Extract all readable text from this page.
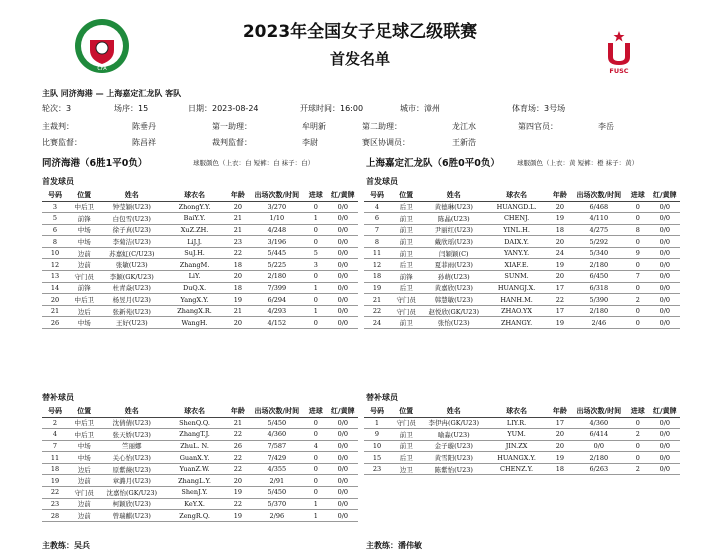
CFA	FUSC
2023年全国女子足球乙级联赛
首发名单
主队 同济海港 — 上海嘉定汇龙队 客队
轮次：3	场序：15	日期：2023-08-24	开球时间：16:00	城市：漳州	体育场：3号场
主裁判：	陈垂丹	第一助理：	牟明新	第二助理：	龙江水	第四官员：	李岳
比赛监督：	陈昌祥	裁判监督：	李尉	赛区协调员：	王新浩
同济海港（6胜1平0负）	球服颜色（上衣：白 短裤：白 袜子：白）	上海嘉定汇龙队（6胜0平0负）	球服颜色（上衣：黄 短裤：橙 袜子：黄）
首发球员	首发球员
号码	位置	姓名	球衣名	年龄	出场次数/时间	进球	红/黄牌
3	中后卫	钟莹颖(U23)	ZhongY.Y.	20	3/270	0	0/0
5	前锋	白包雪(U23)	BaiY.Y.	21	1/10	1	0/0
6	中场	徐子真(U23)	XuZ.ZH.	21	4/248	0	0/0
8	中场	李菊洁(U23)	LiJ.J.	23	3/196	0	0/0
10	边前	苏嘉虹(C/U23)	SuJ.H.	22	5/445	5	0/0
12	边前	张敏(U23)	ZhangM.	18	5/225	3	0/0
13	守门员	李颖(GK/U23)	LiY.	20	2/180	0	0/0
14	前锋	杜青焱(U23)	DuQ.X.	18	7/399	1	0/0
20	中后卫	杨昱月(U23)	YangX.Y.	19	6/294	0	0/0
21	边后	张新苑(U23)	ZhangX.R.	21	4/293	1	0/0
26	中场	王好(U23)	WangH.	20	4/152	0	0/0
号码	位置	姓名	球衣名	年龄	出场次数/时间	进球	红/黄牌
4	后卫	黄德琳(U23)	HUANGD.L.	20	6/468	0	0/0
6	前卫	陈晶(U23)	CHENJ.	19	4/110	0	0/0
7	前卫	尹丽红(U23)	YINL.H.	18	4/275	8	0/0
8	前卫	戴欣瑶(U23)	DAIX.Y.	20	5/292	0	0/0
11	前卫	闫颖颖(C)	YANY.Y.	24	5/340	9	0/0
12	后卫	夏菲雨(U23)	XIAF.E.	19	2/180	0	0/0
18	前锋	孙萌(U23)	SUNM.	20	6/450	7	0/0
19	后卫	黄嘉欣(U23)	HUANGJ.X.	17	6/318	0	0/0
21	守门员	韩慧敏(U23)	HANH.M.	22	5/390	2	0/0
22	守门员	赵悦欣(GK/U23)	ZHAO.YX	17	2/180	0	0/0
24	前卫	张怡(U23)	ZHANGY.	19	2/46	0	0/0
替补球员	替补球员
号码	位置	姓名	球衣名	年龄	出场次数/时间	进球	红/黄牌
2	中后卫	沈倩倩(U23)	ShenQ.Q.	21	5/450	0	0/0
4	中后卫	张天娇(U23)	ZhangT.J.	22	4/360	0	0/0
7	中场	竺丽娜	ZhuL. N.	26	7/587	4	0/0
11	中场	关心怡(U23)	GuanX.Y.	22	7/429	0	0/0
18	边后	原紫薇(U23)	YuanZ.W.	22	4/355	0	0/0
19	边前	章潞月(U23)	ZhangL.Y.	20	2/91	0	0/0
22	守门员	沈嘉怡(GK/U23)	ShenJ.Y.	19	5/450	0	0/0
23	边前	柯颖欣(U23)	KeY.X.	22	5/370	1	0/0
28	边前	曾瑞麒(U23)	ZengR.Q.	19	2/96	1	0/0
号码	位置	姓名	球衣名	年龄	出场次数/时间	进球	红/黄牌
1	守门员	李伊冉(GK/U23)	LIY.R.	17	4/360	0	0/0
9	前卫	喻淼(U23)	YUM.	20	6/414	2	0/0
10	前卫	金子璇(U23)	JIN.ZX	20	0/0	0	0/0
15	后卫	黄雪阳(U23)	HUANGX.Y.	19	2/180	0	0/0
23	边卫	陈紫怡(U23)	CHENZ.Y.	18	6/263	2	0/0
主教练：吴兵	主教练：潘伟敏
